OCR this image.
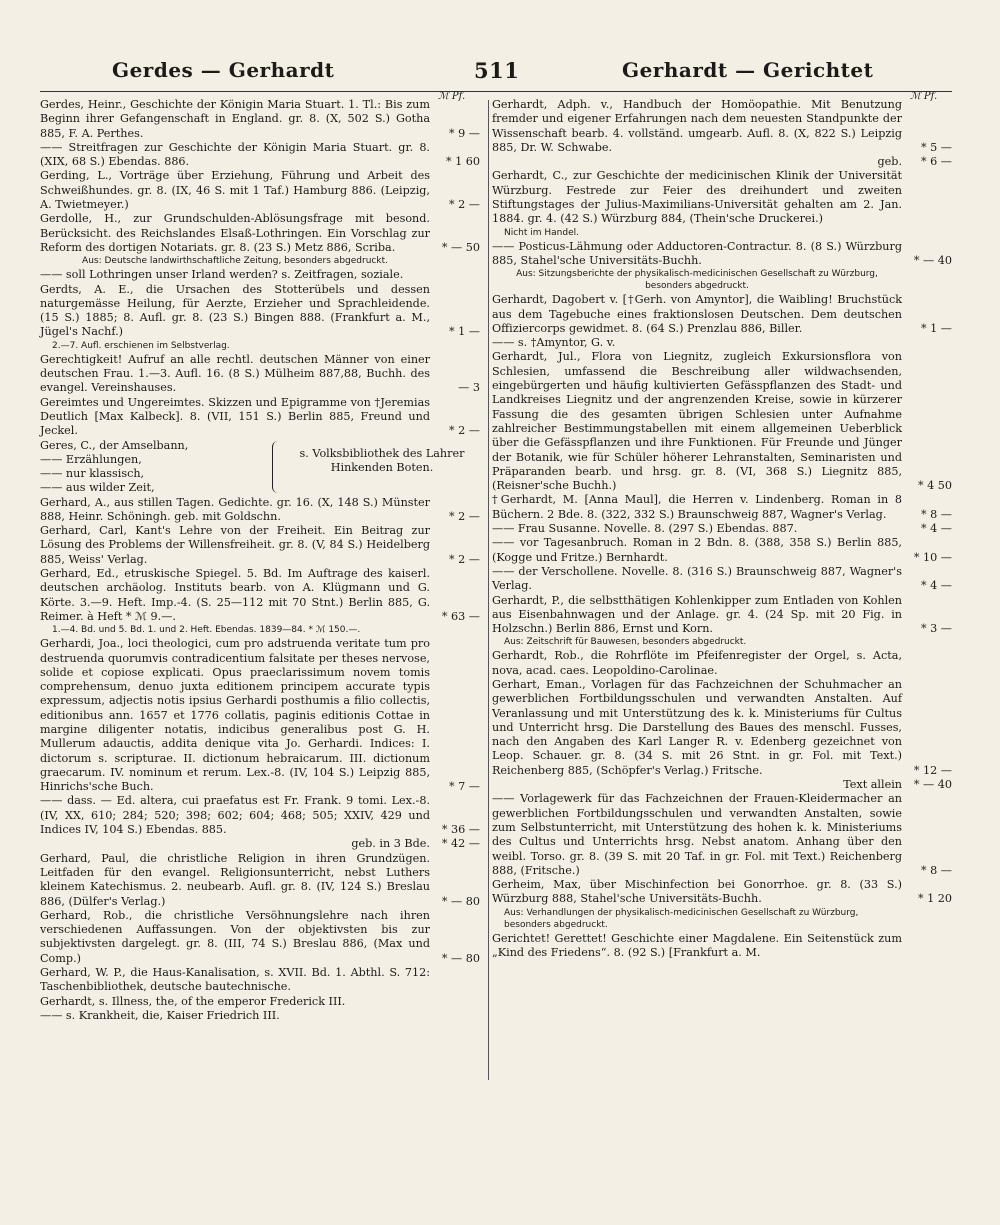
Gerdes — Gerhardt	511	Gerhardt — Gerichtet
ℳ Pf.	ℳ Pf.
Gerdes, Heinr., Geschichte der Königin Maria Stuart. 1. Tl.: Bis zum Beginn ihrer Gefangenschaft in England. gr. 8. (X, 502 S.) Gotha 885, F. A. Perthes.	* 9 —
—— Streitfragen zur Geschichte der Königin Maria Stuart. gr. 8. (XIX, 68 S.) Ebendas. 886.	* 1 60
Gerding, L., Vorträge über Erziehung, Führung und Arbeit des Schweißhundes. gr. 8. (IX, 46 S. mit 1 Taf.) Hamburg 886. (Leipzig, A. Twietmeyer.)	* 2 —
Gerdolle, H., zur Grundschulden-Ablösungsfrage mit besond. Berücksicht. des Reichslandes Elsaß-Lothringen. Ein Vorschlag zur Reform des dortigen Notariats. gr. 8. (23 S.) Metz 886, Scriba.	* — 50
Aus: Deutsche landwirthschaftliche Zeitung, besonders abgedruckt.
—— soll Lothringen unser Irland werden? s. Zeitfragen, soziale.
Gerdts, A. E., die Ursachen des Stotterübels und dessen naturgemässe Heilung, für Aerzte, Erzieher und Sprachleidende. (15 S.) 1885; 8. Aufl. gr. 8. (23 S.) Bingen 888. (Frankfurt a. M., Jügel's Nachf.)	* 1 —
2.—7. Aufl. erschienen im Selbstverlag.
Gerechtigkeit! Aufruf an alle rechtl. deutschen Männer von einer deutschen Frau. 1.—3. Aufl. 16. (8 S.) Mülheim 887,88, Buchh. des evangel. Vereinshauses.	— 3
Gereimtes und Ungereimtes. Skizzen und Epigramme von †Jeremias Deutlich [Max Kalbeck]. 8. (VII, 151 S.) Berlin 885, Freund und Jeckel.	* 2 —
Geres, C., der Amselbann,
—— Erzählungen,
—— nur klassisch,
—— aus wilder Zeit,
s. Volksbibliothek des Lahrer Hinkenden Boten.
Gerhard, A., aus stillen Tagen. Gedichte. gr. 16. (X, 148 S.) Münster 888, Heinr. Schöningh. geb. mit Goldschn.	* 2 —
Gerhard, Carl, Kant's Lehre von der Freiheit. Ein Beitrag zur Lösung des Problems der Willensfreiheit. gr. 8. (V, 84 S.) Heidelberg 885, Weiss' Verlag.	* 2 —
Gerhard, Ed., etruskische Spiegel. 5. Bd. Im Auftrage des kaiserl. deutschen archäolog. Instituts bearb. von A. Klügmann und G. Körte. 3.—9. Heft. Imp.-4. (S. 25—112 mit 70 Stnt.) Berlin 885, G. Reimer. à Heft * ℳ 9.—.	* 63 —
1.—4. Bd. und 5. Bd. 1. und 2. Heft. Ebendas. 1839—84. * ℳ 150.—.
Gerhardi, Joa., loci theologici, cum pro adstruenda veritate tum pro destruenda quorumvis contradicentium falsitate per theses nervose, solide et copiose explicati. Opus praeclarissimum novem tomis comprehensum, denuo juxta editionem principem accurate typis expressum, adjectis notis ipsius Gerhardi posthumis a filio collectis, editionibus ann. 1657 et 1776 collatis, paginis editionis Cottae in margine diligenter notatis, indicibus generalibus post G. H. Mullerum adauctis, addita denique vita Jo. Gerhardi. Indices: I. dictorum s. scripturae. II. dictionum hebraicarum. III. dictionum graecarum. IV. nominum et rerum. Lex.-8. (IV, 104 S.) Leipzig 885, Hinrichs'sche Buch.	* 7 —
—— dass. — Ed. altera, cui praefatus est Fr. Frank. 9 tomi. Lex.-8. (IV, XX, 610; 284; 520; 398; 602; 604; 468; 505; XXIV, 429 und Indices IV, 104 S.) Ebendas. 885.	* 36 —
geb. in 3 Bde.	* 42 —
Gerhard, Paul, die christliche Religion in ihren Grundzügen. Leitfaden für den evangel. Religionsunterricht, nebst Luthers kleinem Katechismus. 2. neubearb. Aufl. gr. 8. (IV, 124 S.) Breslau 886, (Dülfer's Verlag.)	* — 80
Gerhard, Rob., die christliche Versöhnungslehre nach ihren verschiedenen Auffassungen. Von der objektivsten bis zur subjektivsten dargelegt. gr. 8. (III, 74 S.) Breslau 886, (Max und Comp.)	* — 80
Gerhard, W. P., die Haus-Kanalisation, s. XVII. Bd. 1. Abthl. S. 712: Taschenbibliothek, deutsche bautechnische.
Gerhardt, s. Illness, the, of the emperor Frederick III.
—— s. Krankheit, die, Kaiser Friedrich III.
Gerhardt, Adph. v., Handbuch der Homöopathie. Mit Benutzung fremder und eigener Erfahrungen nach dem neuesten Standpunkte der Wissenschaft bearb. 4. vollständ. umgearb. Aufl. 8. (X, 822 S.) Leipzig 885, Dr. W. Schwabe.	* 5 —
geb.	* 6 —
Gerhardt, C., zur Geschichte der medicinischen Klinik der Universität Würzburg. Festrede zur Feier des dreihundert und zweiten Stiftungstages der Julius-Maximilians-Universität gehalten am 2. Jan. 1884. gr. 4. (42 S.) Würzburg 884, (Thein'sche Druckerei.)
Nicht im Handel.
—— Posticus-Lähmung oder Adductoren-Contractur. 8. (8 S.) Würzburg 885, Stahel'sche Universitäts-Buchh.	* — 40
Aus: Sitzungsberichte der physikalisch-medicinischen Gesellschaft zu Würzburg, besonders abgedruckt.
Gerhardt, Dagobert v. [†Gerh. von Amyntor], die Waibling! Bruchstück aus dem Tagebuche eines fraktionslosen Deutschen. Dem deutschen Offiziercorps gewidmet. 8. (64 S.) Prenzlau 886, Biller.	* 1 —
—— s. †Amyntor, G. v.
Gerhardt, Jul., Flora von Liegnitz, zugleich Exkursionsflora von Schlesien, umfassend die Beschreibung aller wildwachsenden, eingebürgerten und häufig kultivierten Gefässpflanzen des Stadt- und Landkreises Liegnitz und der angrenzenden Kreise, sowie in kürzerer Fassung die des gesamten übrigen Schlesien unter Aufnahme zahlreicher Bestimmungstabellen mit einem allgemeinen Ueberblick über die Gefässpflanzen und ihre Funktionen. Für Freunde und Jünger der Botanik, wie für Schüler höherer Lehranstalten, Seminaristen und Präparanden bearb. und hrsg. gr. 8. (VI, 368 S.) Liegnitz 885, (Reisner'sche Buchh.)	* 4 50
†Gerhardt, M. [Anna Maul], die Herren v. Lindenberg. Roman in 8 Büchern. 2 Bde. 8. (322, 332 S.) Braunschweig 887, Wagner's Verlag.	* 8 —
—— Frau Susanne. Novelle. 8. (297 S.) Ebendas. 887.	* 4 —
—— vor Tagesanbruch. Roman in 2 Bdn. 8. (388, 358 S.) Berlin 885, (Kogge und Fritze.) Bernhardt.	* 10 —
—— der Verschollene. Novelle. 8. (316 S.) Braunschweig 887, Wagner's Verlag.	* 4 —
Gerhardt, P., die selbstthätigen Kohlenkipper zum Entladen von Kohlen aus Eisenbahnwagen und der Anlage. gr. 4. (24 Sp. mit 20 Fig. in Holzschn.) Berlin 886, Ernst und Korn.	* 3 —
Aus: Zeitschrift für Bauwesen, besonders abgedruckt.
Gerhardt, Rob., die Rohrflöte im Pfeifenregister der Orgel, s. Acta, nova, acad. caes. Leopoldino-Carolinae.
Gerhart, Eman., Vorlagen für das Fachzeichnen der Schuhmacher an gewerblichen Fortbildungsschulen und verwandten Anstalten. Auf Veranlassung und mit Unterstützung des k. k. Ministeriums für Cultus und Unterricht hrsg. Die Darstellung des Baues des menschl. Fusses, nach den Angaben des Karl Langer R. v. Edenberg gezeichnet von Leop. Schauer. gr. 8. (34 S. mit 26 Stnt. in gr. Fol. mit Text.) Reichenberg 885, (Schöpfer's Verlag.) Fritsche.	* 12 —
Text allein	* — 40
—— Vorlagewerk für das Fachzeichnen der Frauen-Kleidermacher an gewerblichen Fortbildungsschulen und verwandten Anstalten, sowie zum Selbstunterricht, mit Unterstützung des hohen k. k. Ministeriums des Cultus und Unterrichts hrsg. Nebst anatom. Anhang über den weibl. Torso. gr. 8. (39 S. mit 20 Taf. in gr. Fol. mit Text.) Reichenberg 888, (Fritsche.)	* 8 —
Gerheim, Max, über Mischinfection bei Gonorrhoe. gr. 8. (33 S.) Würzburg 888, Stahel'sche Universitäts-Buchh.	* 1 20
Aus: Verhandlungen der physikalisch-medicinischen Gesellschaft zu Würzburg, besonders abgedruckt.
Gerichtet! Gerettet! Geschichte einer Magdalene. Ein Seitenstück zum „Kind des Friedens“. 8. (92 S.) [Frankfurt a. M.
